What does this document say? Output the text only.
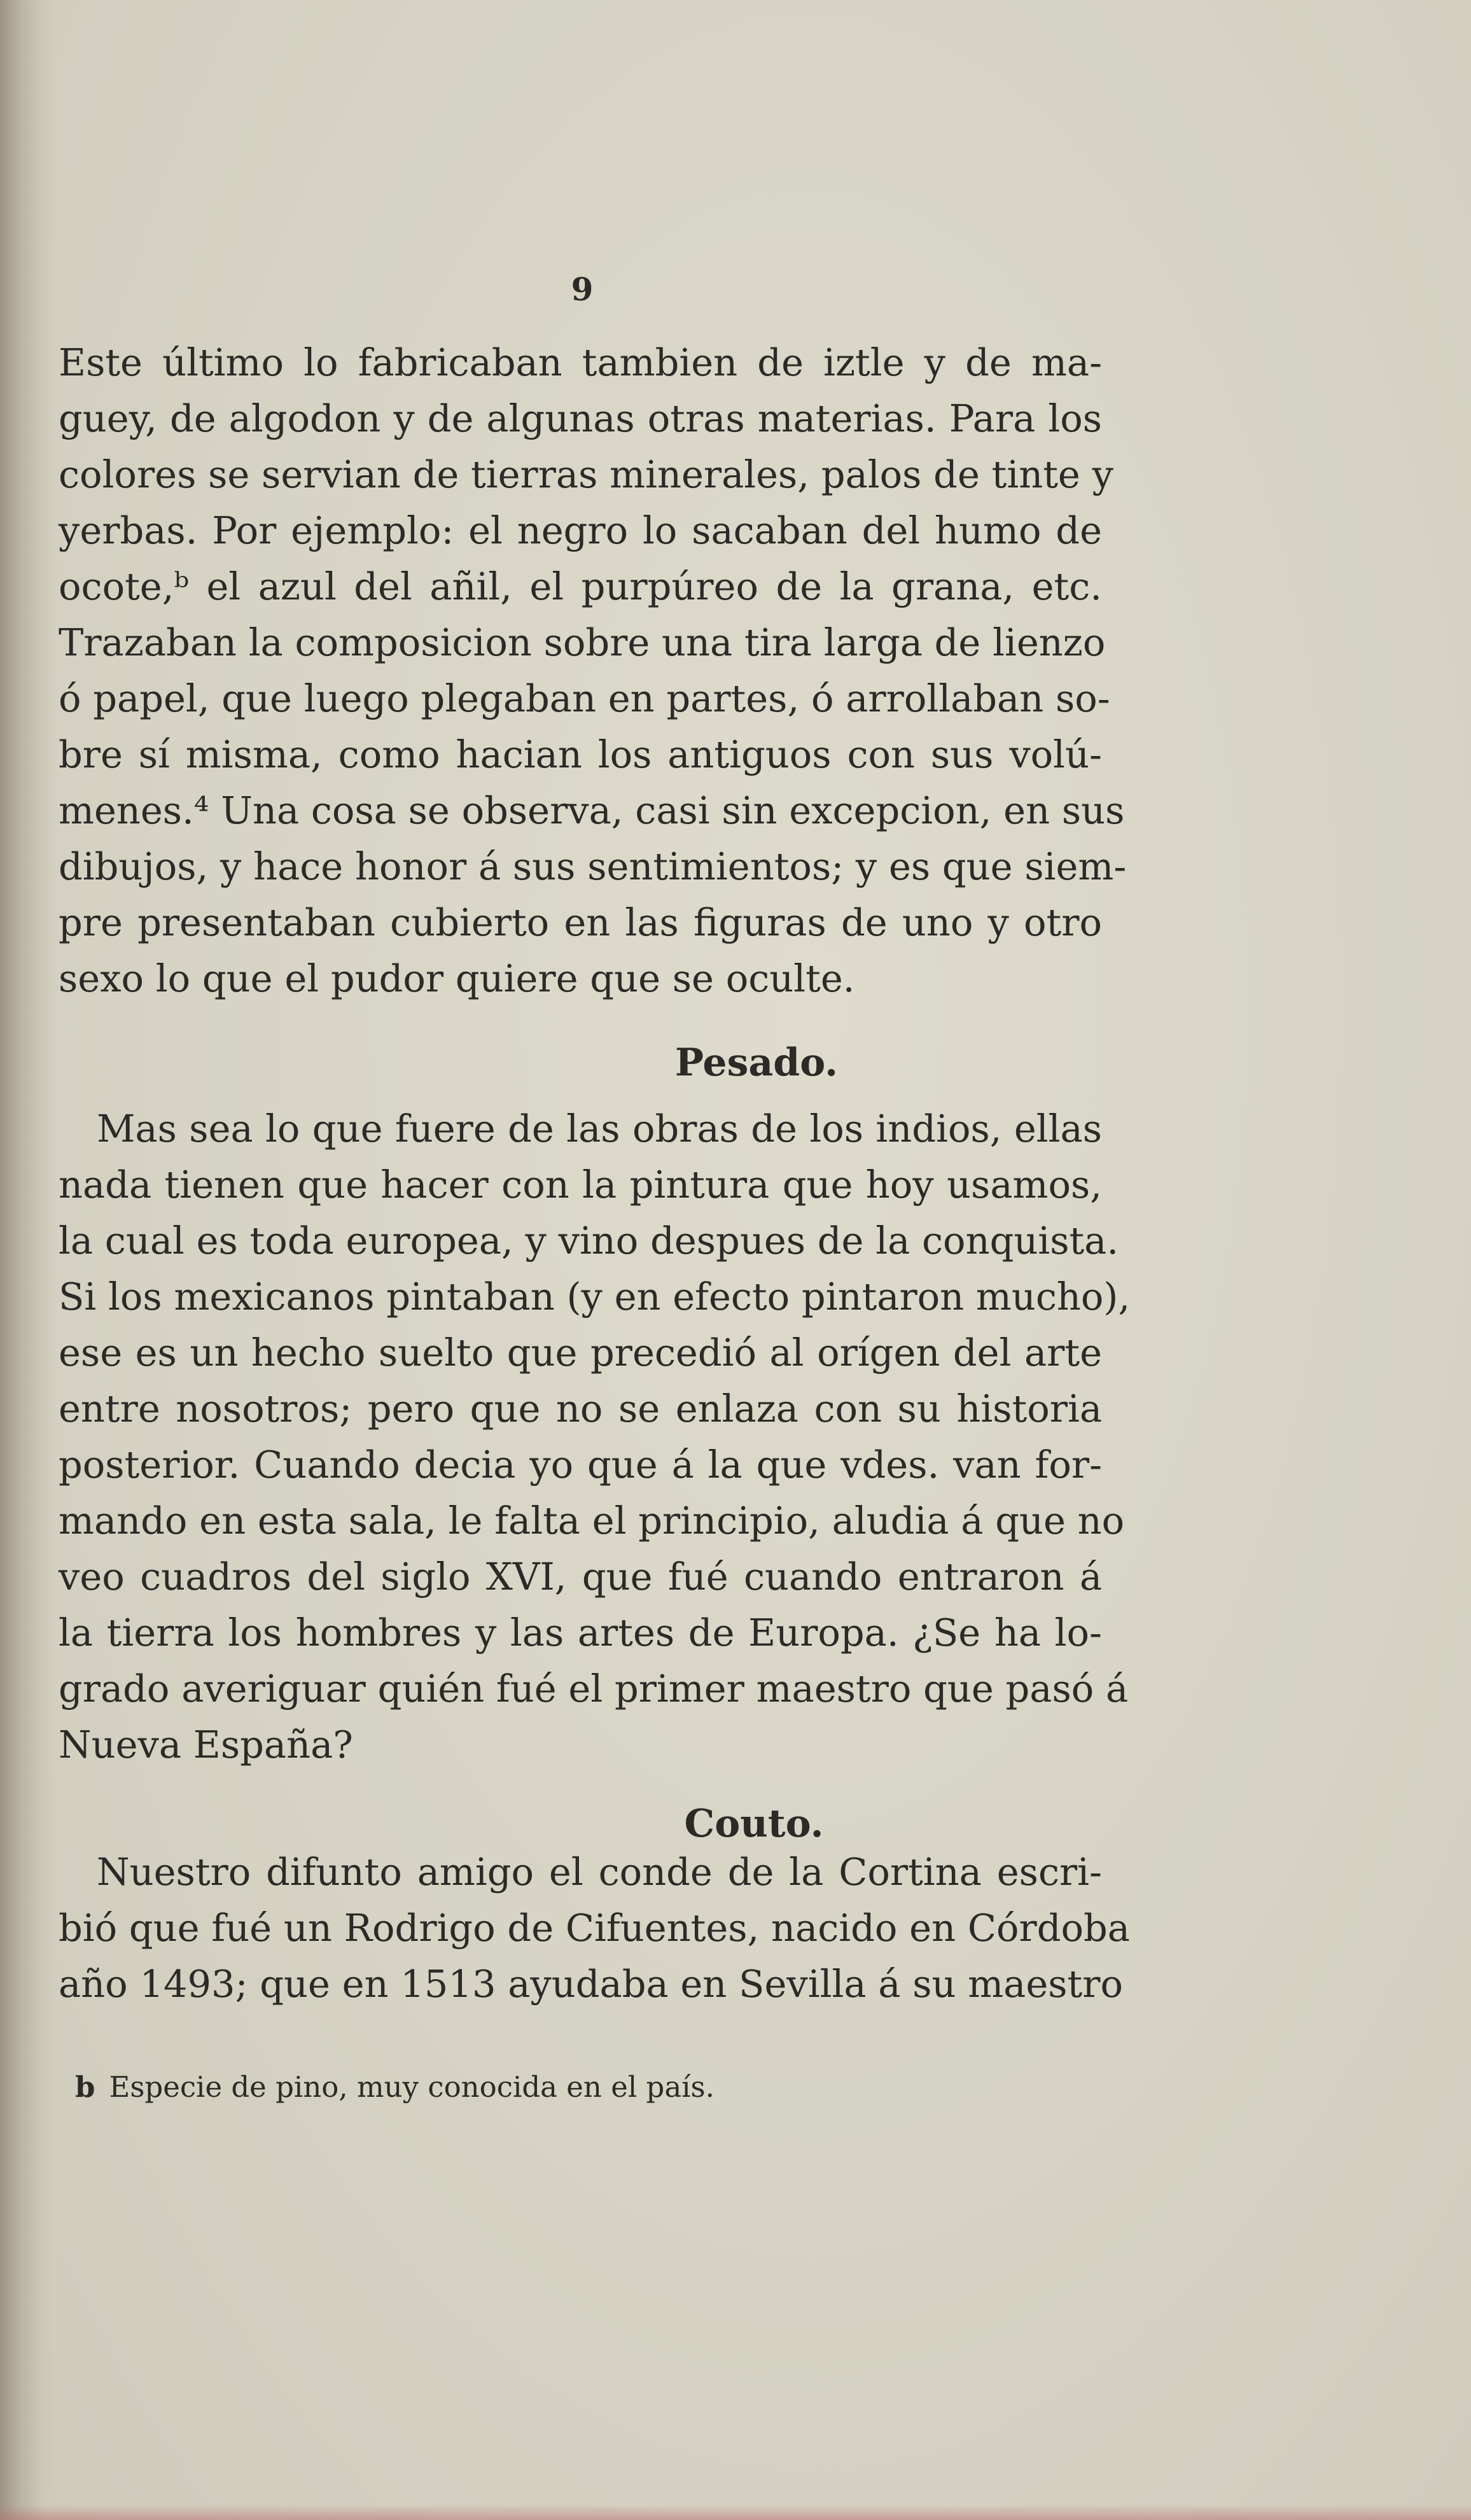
9
Este último lo fabricaban tambien de iztle y de ma-
guey, de algodon y de algunas otras materias. Para los
colores se servian de tierras minerales, palos de tinte y
yerbas. Por ejemplo: el negro lo sacaban del humo de
ocote,ᵇ el azul del añil, el purpúreo de la grana, etc.
Trazaban la composicion sobre una tira larga de lienzo
ó papel, que luego plegaban en partes, ó arrollaban so-
bre sí misma, como hacian los antiguos con sus volú-
menes.⁴ Una cosa se observa, casi sin excepcion, en sus
dibujos, y hace honor á sus sentimientos; y es que siem-
pre presentaban cubierto en las figuras de uno y otro
sexo lo que el pudor quiere que se oculte.
Pesado.
Mas sea lo que fuere de las obras de los indios, ellas
nada tienen que hacer con la pintura que hoy usamos,
la cual es toda europea, y vino despues de la conquista.
Si los mexicanos pintaban (y en efecto pintaron mucho),
ese es un hecho suelto que precedió al orígen del arte
entre nosotros; pero que no se enlaza con su historia
posterior. Cuando decia yo que á la que vdes. van for-
mando en esta sala, le falta el principio, aludia á que no
veo cuadros del siglo XVI, que fué cuando entraron á
la tierra los hombres y las artes de Europa. ¿Se ha lo-
grado averiguar quién fué el primer maestro que pasó á
Nueva España?
Couto.
Nuestro difunto amigo el conde de la Cortina escri-
bió que fué un Rodrigo de Cifuentes, nacido en Córdoba
año 1493; que en 1513 ayudaba en Sevilla á su maestro
b Especie de pino, muy conocida en el país.
